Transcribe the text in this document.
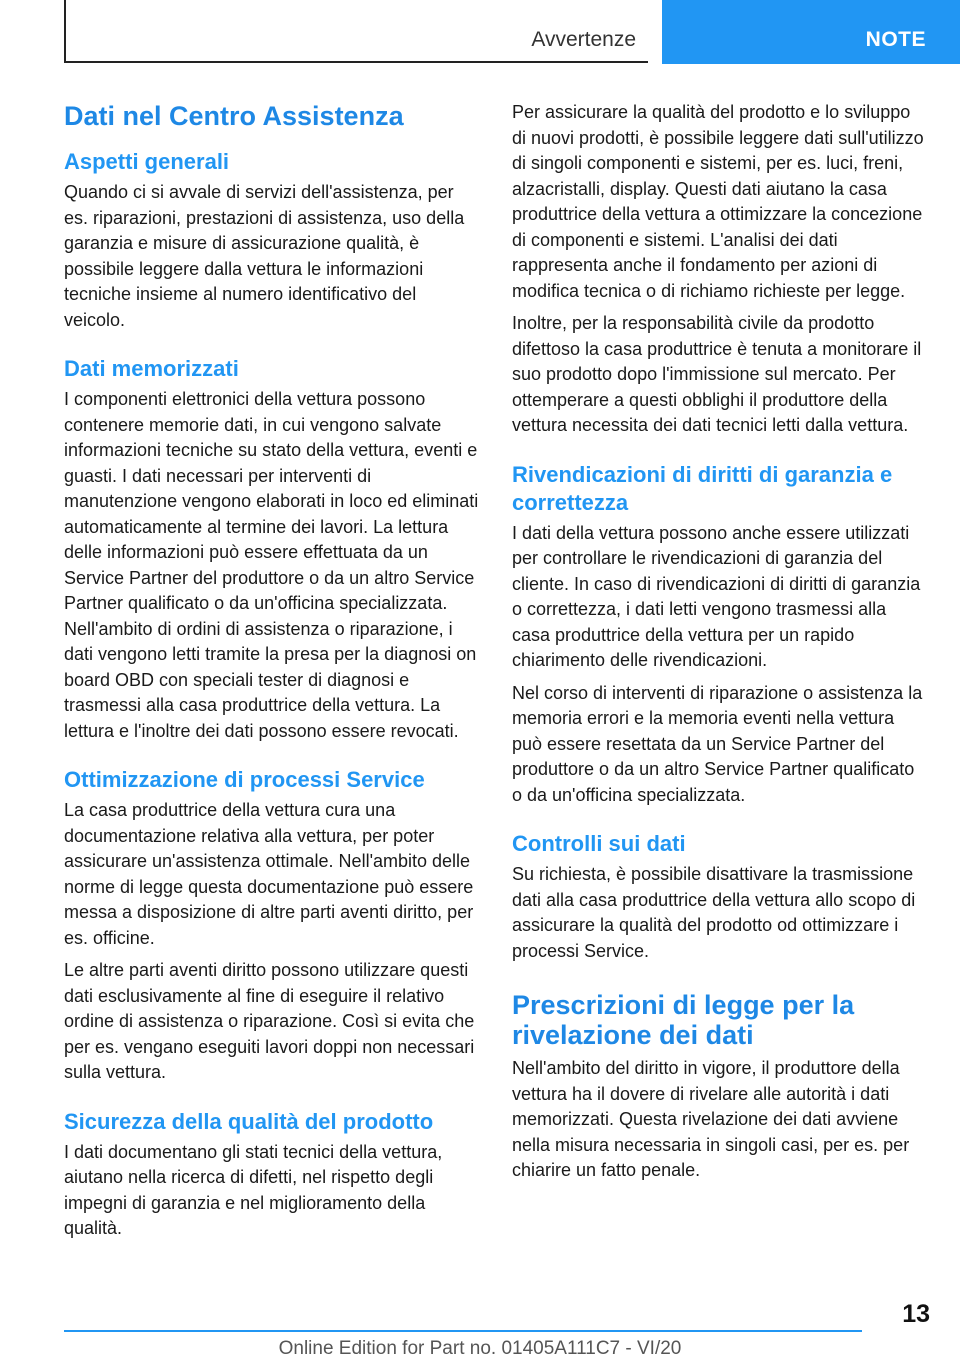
Avvertenze	NOTE
Dati nel Centro Assistenza
Aspetti generali

Quando ci si avvale di servizi dell'assistenza, per es. riparazioni, prestazioni di assistenza, uso della garanzia e misure di assicurazione qualità, è possibile leggere dalla vettura le informazioni tecniche insieme al numero identificativo del veicolo.

Dati memorizzati

I componenti elettronici della vettura possono contenere memorie dati, in cui vengono salvate informazioni tecniche su stato della vettura, eventi e guasti. I dati necessari per interventi di manutenzione vengono elaborati in loco ed eliminati automaticamente al termine dei lavori. La lettura delle informazioni può essere effettuata da un Service Partner del produttore o da un altro Service Partner qualificato o da un'officina specializzata. Nell'ambito di ordini di assistenza o riparazione, i dati vengono letti tramite la presa per la diagnosi on board OBD con speciali tester di diagnosi e trasmessi alla casa produttrice della vettura. La lettura e l'inoltre dei dati possono essere revocati.

Ottimizzazione di processi Service

La casa produttrice della vettura cura una documentazione relativa alla vettura, per poter assicurare un'assistenza ottimale. Nell'ambito delle norme di legge questa documentazione può essere messa a disposizione di altre parti aventi diritto, per es. officine.

Le altre parti aventi diritto possono utilizzare questi dati esclusivamente al fine di eseguire il relativo ordine di assistenza o riparazione. Così si evita che per es. vengano eseguiti lavori doppi non necessari sulla vettura.

Sicurezza della qualità del prodotto

I dati documentano gli stati tecnici della vettura, aiutano nella ricerca di difetti, nel rispetto degli impegni di garanzia e nel miglioramento della qualità.

Per assicurare la qualità del prodotto e lo sviluppo di nuovi prodotti, è possibile leggere dati sull'utilizzo di singoli componenti e sistemi, per es. luci, freni, alzacristalli, display. Questi dati aiutano la casa produttrice della vettura a ottimizzare la concezione di componenti e sistemi. L'analisi dei dati rappresenta anche il fondamento per azioni di modifica tecnica o di richiamo richieste per legge.

Inoltre, per la responsabilità civile da prodotto difettoso la casa produttrice è tenuta a monitorare il suo prodotto dopo l'immissione sul mercato. Per ottemperare a questi obblighi il produttore della vettura necessita dei dati tecnici letti dalla vettura.

Rivendicazioni di diritti di garanzia e correttezza

I dati della vettura possono anche essere utilizzati per controllare le rivendicazioni di garanzia del cliente. In caso di rivendicazioni di diritti di garanzia o correttezza, i dati letti vengono trasmessi alla casa produttrice della vettura per un rapido chiarimento delle rivendicazioni.

Nel corso di interventi di riparazione o assistenza la memoria errori e la memoria eventi nella vettura può essere resettata da un Service Partner del produttore o da un altro Service Partner qualificato o da un'officina specializzata.

Controlli sui dati

Su richiesta, è possibile disattivare la trasmissione dati alla casa produttrice della vettura allo scopo di assicurare la qualità del prodotto od ottimizzare i processi Service.

Prescrizioni di legge per la rivelazione dei dati

Nell'ambito del diritto in vigore, il produttore della vettura ha il dovere di rivelare alle autorità i dati memorizzati. Questa rivelazione dei dati avviene nella misura necessaria in singoli casi, per es. per chiarire un fatto penale.

13
Online Edition for Part no. 01405A111C7 - VI/20
